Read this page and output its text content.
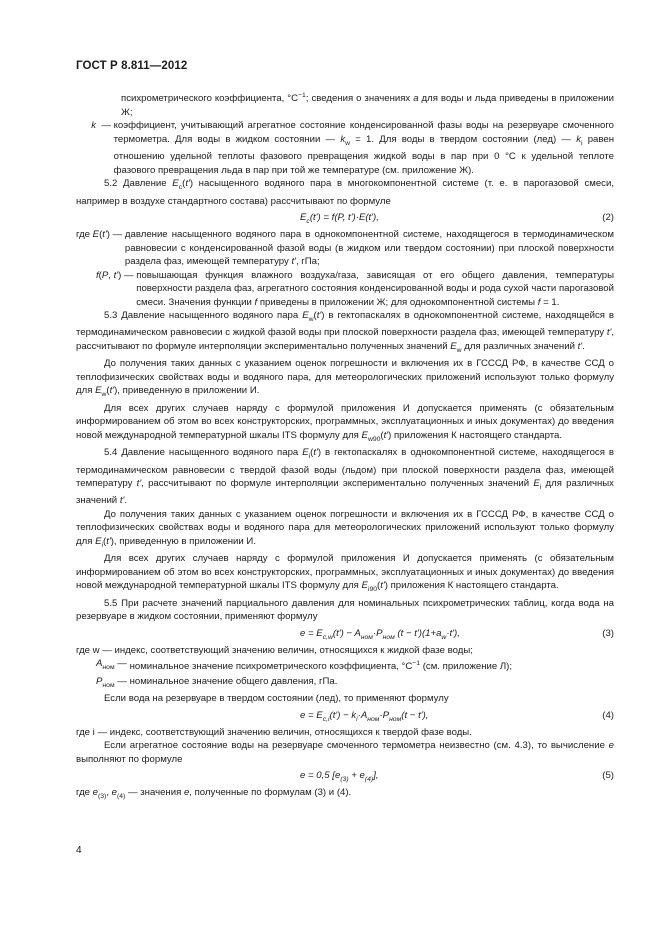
ГОСТ Р 8.811—2012

психрометрического коэффициента, $^\circ С^{-1}$; сведения о значениях a для воды и льда приведены в приложении Ж;

k  — коэффициент, учитывающий агрегатное состояние конденсированной фазы воды на резервуаре смоченного термометра. Для воды в жидком состоянии — $k_w = 1$. Для воды в твердом состоянии (лед) — $k_i$ равен отношению удельной теплоты фазового превращения жидкой воды в пар при 0 °С к удельной теплоте фазового превращения льда в пар при той же температуре (см. приложение Ж).

5.2 Давление $E_c(t')$ насыщенного водяного пара в многокомпонентной системе (т. е. в парогазовой смеси, например в воздухе стандартного состава) рассчитывают по формуле

$E_c(t') = f(P$, t')·E(t'),	(2)
где E(t') — давление насыщенного водяного пара в однокомпонентной системе, находящегося в термодинамическом равновесии с конденсированной фазой воды (в жидком или твердом состоянии) при плоской поверхности раздела фаз, имеющей температуру t', гПа;
f(P, t') — повышающая функция влажного воздуха/газа, зависящая от его общего давления, температуры поверхности раздела фаз, агрегатного состояния конденсированной воды и рода сухой части парогазовой смеси. Значения функции f приведены в приложении Ж; для однокомпонентной системы f = 1.

5.3 Давление насыщенного водяного пара $E_w(t')$ в гектопаскалях в однокомпонентной системе, находящейся в термодинамическом равновесии с жидкой фазой воды при плоской поверхности раздела фаз, имеющей температуру t', рассчитывают по формуле интерполяции экспериментально полученных значений $E_w$ для различных значений t'.

До получения таких данных с указанием оценок погрешности и включения их в ГСССД РФ, в качестве ССД о теплофизических свойствах воды и водяного пара, для метеорологических приложений используют только формулу для $E_w(t')$, приведенную в приложении И.

Для всех других случаев наряду с формулой приложения И допускается применять (с обязательным информированием об этом во всех конструкторских, программных, эксплуатационных и иных документах) до введения новой международной температурной шкалы ITS формулу для $E_{w90}(t')$ приложения К настоящего стандарта.

5.4 Давление насыщенного водяного пара $E_i(t')$ в гектопаскалях в однокомпонентной системе, находящегося в термодинамическом равновесии с твердой фазой воды (льдом) при плоской поверхности раздела фаз, имеющей температуру t', рассчитывают по формуле интерполяции экспериментально полученных значений $E_i$ для различных значений t'.

До получения таких данных с указанием оценок погрешности и включения их в ГСССД РФ, в качестве ССД о теплофизических свойствах воды и водяного пара для метеорологических приложений используют только формулу для $E_i(t')$, приведенную в приложении И.

Для всех других случаев наряду с формулой приложения И допускается применять (с обязательным информированием об этом во всех конструкторских, программных, эксплуатационных и иных документах) до введения новой международной температурной шкалы ITS формулу для $E_{i90}(t')$ приложения К настоящего стандарта.

5.5 При расчете значений парциального давления для номинальных психрометрических таблиц, когда вода на резервуаре в жидком состоянии, применяют формулу

$e = E_{c,w}(t') - A_{ном}\cdot P_{ном}$ $(t - t')(1+a_w\cdot t')$,	(3)

где w — индекс, соответствующий значению величин, относящихся к жидкой фазе воды;

$A_{ном}$ — номинальное значение психрометрического коэффициента, $^\circ С^{-1}$ (см. приложение Л);
$P_{ном}$ — номинальное значение общего давления, гПа.

Если вода на резервуаре в твердом состоянии (лед), то применяют формулу

$e = E_{c,i}(t') - k_i\cdot A_{ном}\cdot P_{ном}(t - t')$,	(4)

где i — индекс, соответствующий значению величин, относящихся к твердой фазе воды.

Если агрегатное состояние воды на резервуаре смоченного термометра неизвестно (см. 4.3), то вычисление e выполняют по формуле

e = 0,5 $[e_{(3)} + e_{(4)}]$,	(5)

где $e_{(3)}$, $e_{(4)}$ — значения e, полученные по формулам (3) и (4).

4
